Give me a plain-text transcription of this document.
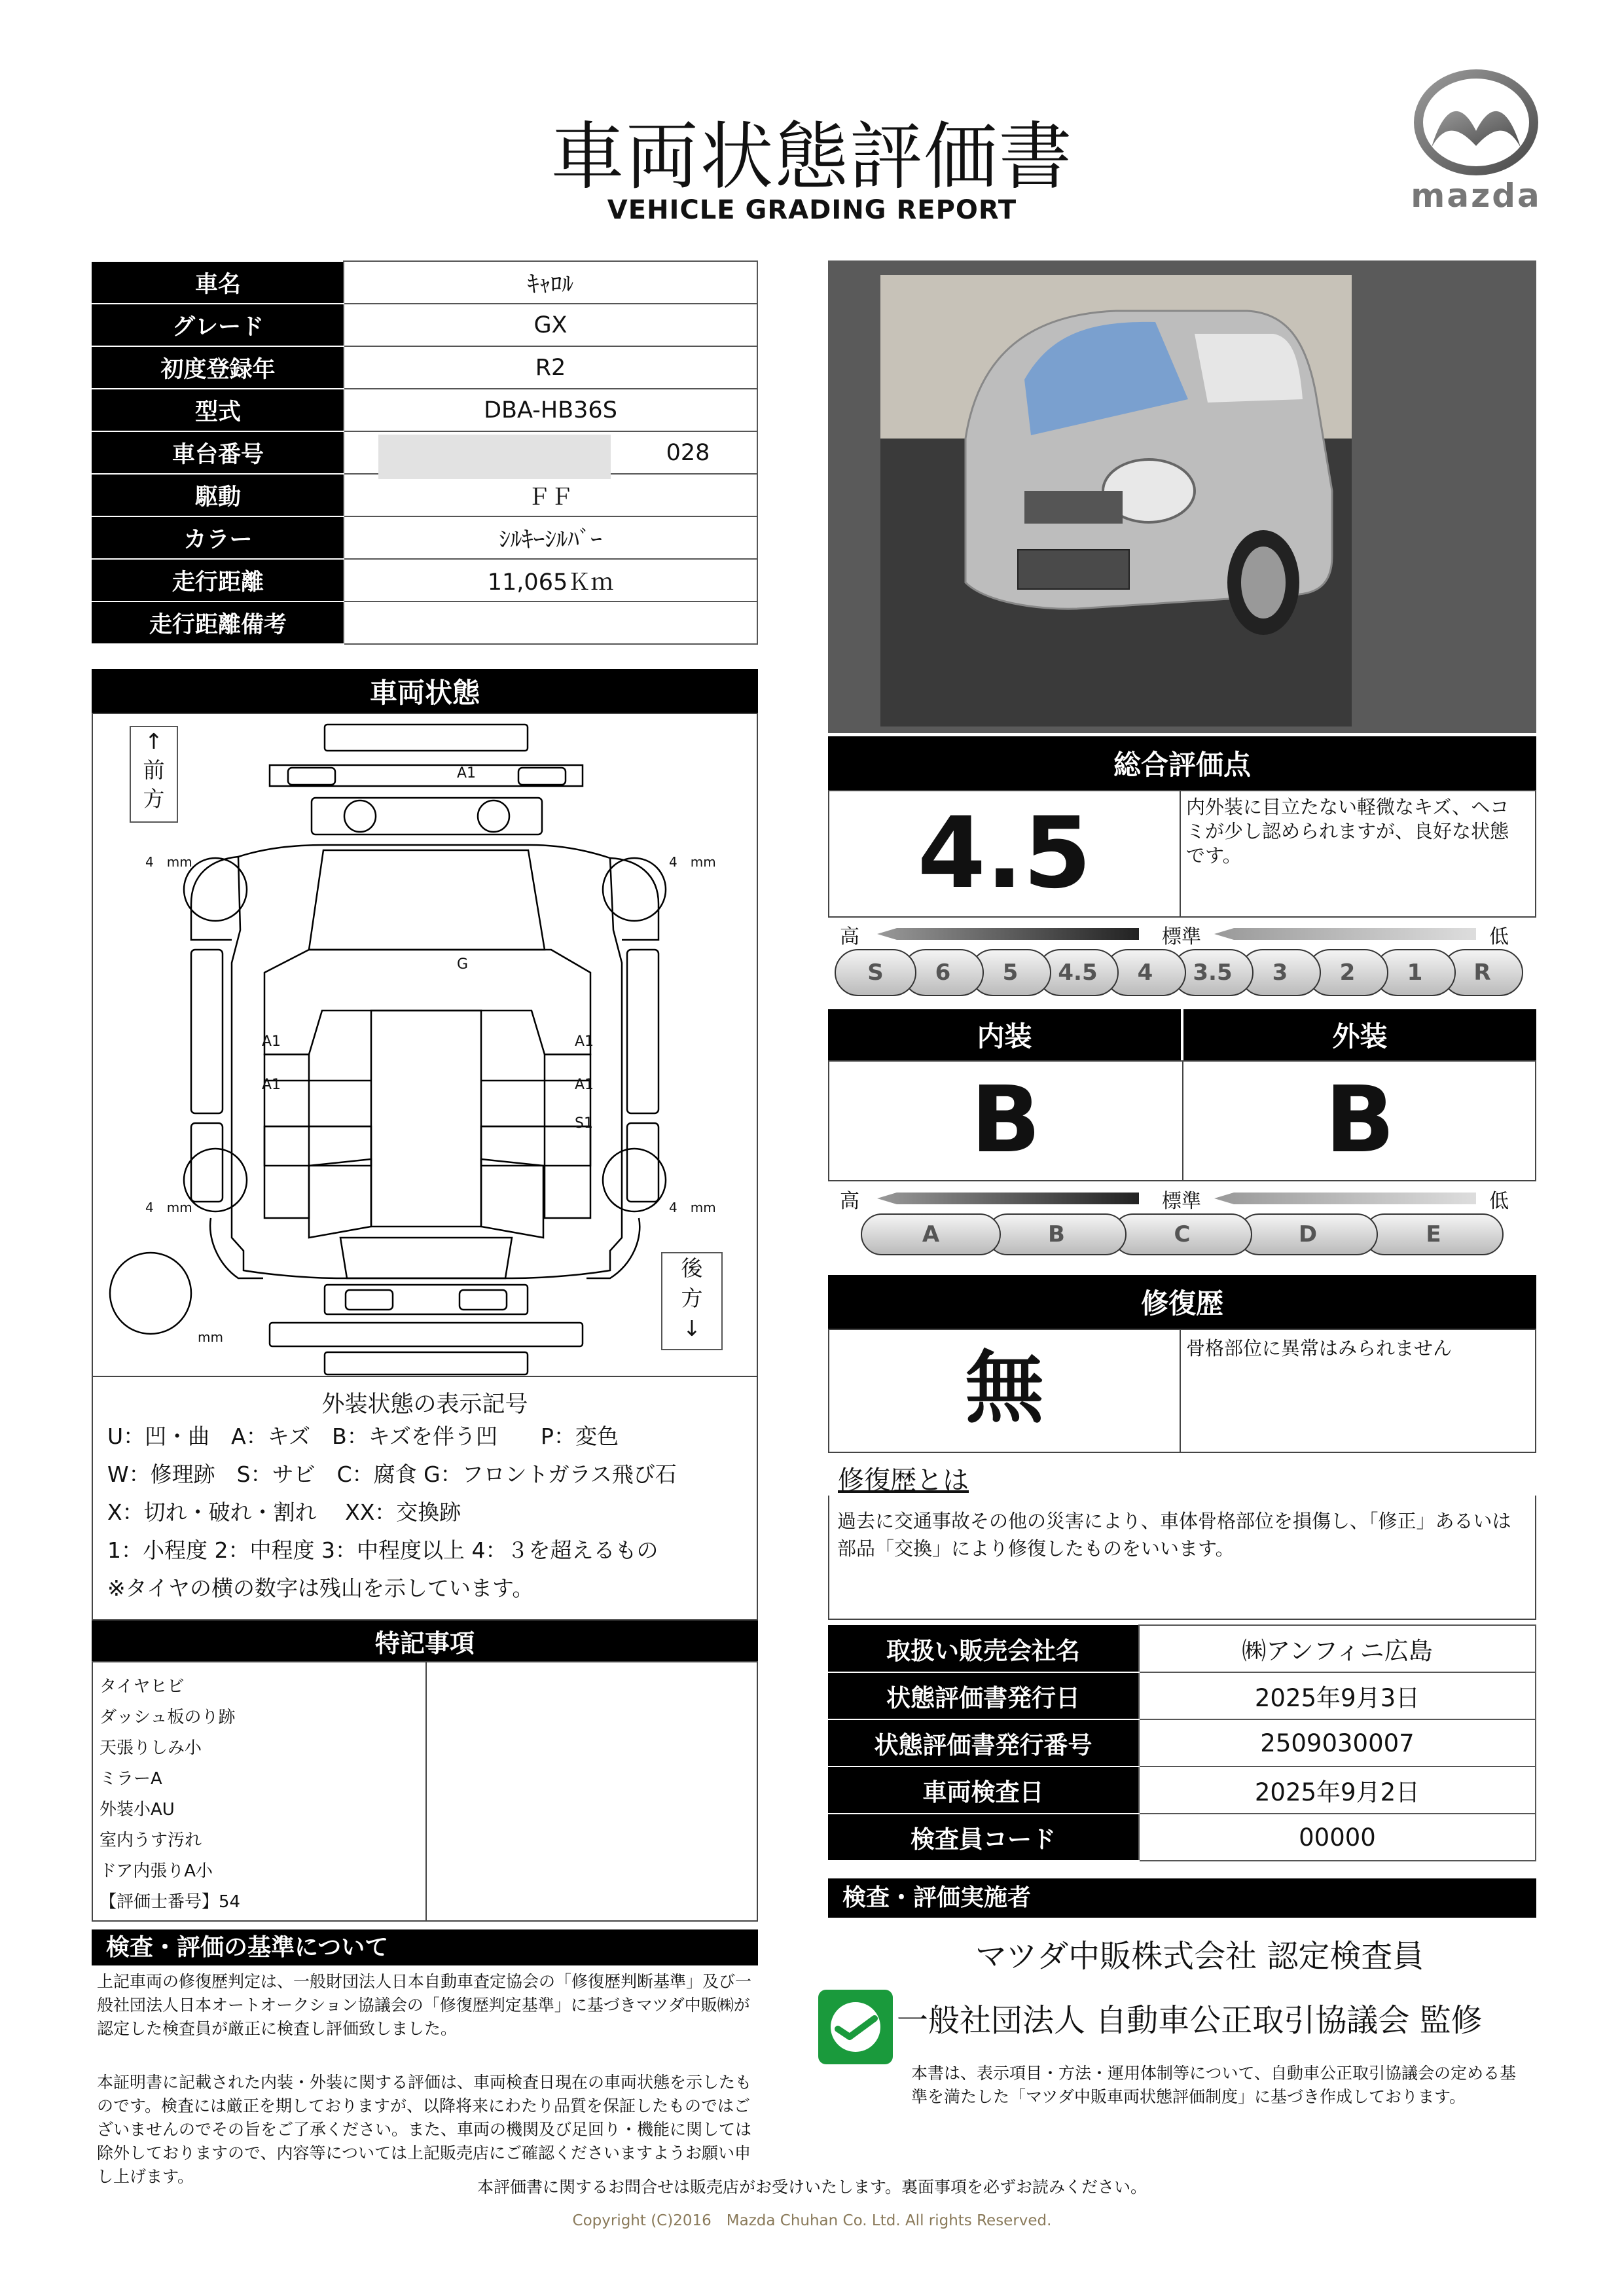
車両状態評価書
VEHICLE GRADING REPORT	mazda
車名	ｷｬﾛﾙ
グレード	GX
初度登録年	R2
型式	DBA-HB36S
車台番号	028
駆動	ＦＦ
カラー	ｼﾙｷｰｼﾙﾊﾞｰ
走行距離	11,065Ｋｍ
走行距離備考	
車両状態
↑
前
方
後
方
↓
A1
G
A1
A1
A1
A1
S1
4　mm	4　mm
4　mm	4　mm
mm
外装状態の表示記号
U：凹・曲　A：キズ　B：キズを伴う凹　　P：変色
W：修理跡　S：サビ　C：腐食 G：フロントガラス飛び石
X：切れ・破れ・割れ　 XX：交換跡
1：小程度 2：中程度 3：中程度以上 4：３を超えるもの
※タイヤの横の数字は残山を示しています。
特記事項
タイヤヒビ
ダッシュ板のり跡
天張りしみ小
ミラーA
外装小AU
室内うす汚れ
ドア内張りA小
【評価士番号】54
検査・評価の基準について
上記車両の修復歴判定は、一般財団法人日本自動車査定協会の「修復歴判断基準」及び一般社団法人日本オートオークション協議会の「修復歴判定基準」に基づきマツダ中販㈱が認定した検査員が厳正に検査し評価致しました。
本証明書に記載された内装・外装に関する評価は、車両検査日現在の車両状態を示したものです。検査には厳正を期しておりますが、以降将来にわたり品質を保証したものではございませんのでその旨をご了承ください。また、車両の機関及び足回り・機能に関しては除外しておりますので、内容等については上記販売店にご確認くださいますようお願い申し上げます。
総合評価点
4.5	内外装に目立たない軽微なキズ、ヘコミが少し認められますが、良好な状態です。
高	標準	低
S	6	5	4.5	4	3.5	3	2	1	R
内装	外装
B	B
高	標準	低
A	B	C	D	E
修復歴
無	骨格部位に異常はみられません
修復歴とは
過去に交通事故その他の災害により、車体骨格部位を損傷し、「修正」あるいは部品「交換」により修復したものをいいます。
取扱い販売会社名	㈱アンフィニ広島
状態評価書発行日	2025年9月3日
状態評価書発行番号	2509030007
車両検査日	2025年9月2日
検査員コード	00000
検査・評価実施者
マツダ中販株式会社 認定検査員
一般社団法人 自動車公正取引協議会 監修
本書は、表示項目・方法・運用体制等について、自動車公正取引協議会の定める基準を満たした「マツダ中販車両状態評価制度」に基づき作成しております。
本評価書に関するお問合せは販売店がお受けいたします。裏面事項を必ずお読みください。
Copyright (C)2016　Mazda Chuhan Co. Ltd. All rights Reserved.
